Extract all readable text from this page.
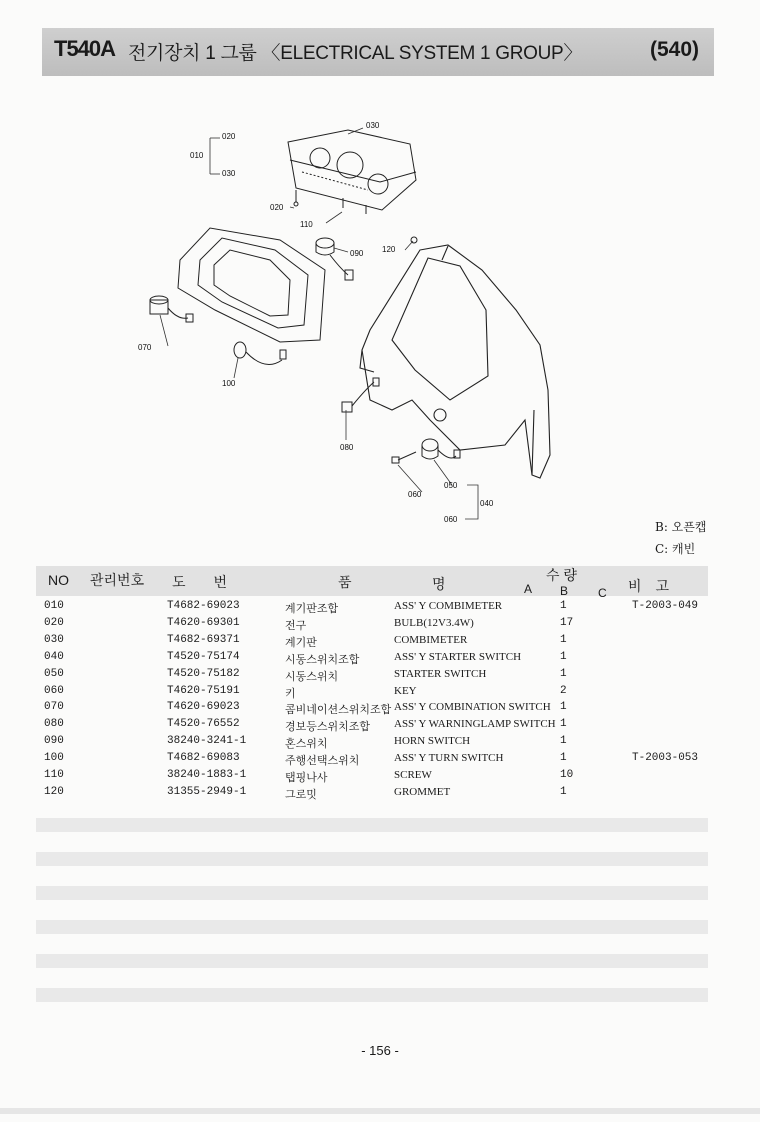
T540A 전기장치 1 그룹 〈ELECTRICAL SYSTEM 1 GROUP〉	(540)
030
020
010
030
020
110
090 120
070
100
080
050
040
060
060
B: 오픈캡
C: 캐빈
NO 관리번호 도　　번	품	명
수 량
A B C 비　고
010	T4682-69023	계기판조합	ASS' Y COMBIMETER	1	T-2003-049
020	T4620-69301	전구	BULB(12V3.4W)	17
030	T4682-69371	계기판	COMBIMETER	1
040	T4520-75174	시동스위치조합	ASS' Y STARTER SWITCH	1
050	T4520-75182	시동스위치	STARTER SWITCH	1
060	T4620-75191	키	KEY	2
070	T4620-69023	콤비네이션스위치조합 ASS' Y COMBINATION SWITCH 1
080	T4520-76552	경보등스위치조합 ASS' Y WARNINGLAMP SWITCH 1
090	38240-3241-1	혼스위치	HORN SWITCH	1
100	T4682-69083	주행선택스위치	ASS' Y TURN SWITCH	1	T-2003-053
110	38240-1883-1	탭핑나사	SCREW	10
120	31355-2949-1	그로밋	GROMMET	1
- 156 -
